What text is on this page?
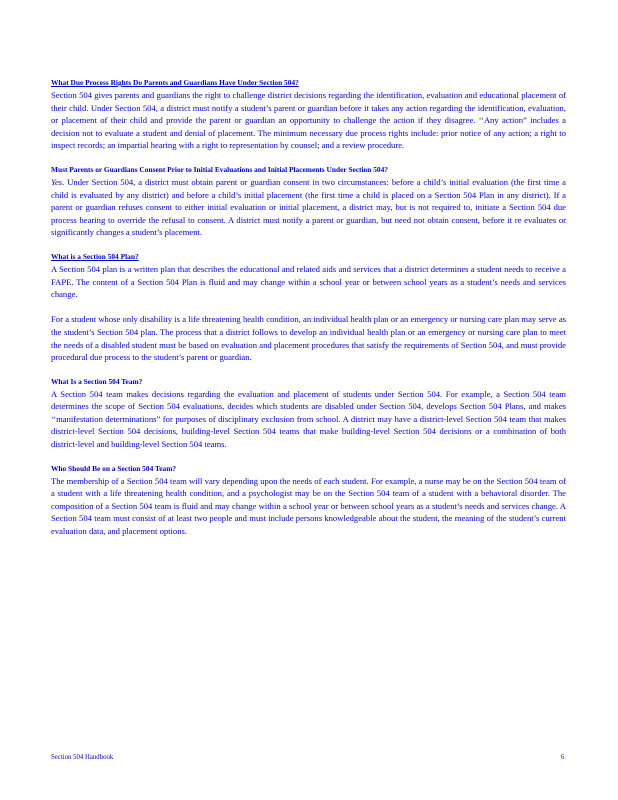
What Due Process Rights Do Parents and Guardians Have Under Section 504?

Section 504 gives parents and guardians the right to challenge district decisions regarding the identification, evaluation and educational placement of their child. Under Section 504, a district must notify a student’s parent or guardian before it takes any action regarding the identification, evaluation, or placement of their child and provide the parent or guardian an opportunity to challenge the action if they disagree. ‘‘Any action” includes a decision not to evaluate a student and denial of placement. The minimum necessary due process rights include: prior notice of any action; a right to inspect records; an impartial hearing with a right to representation by counsel; and a review procedure.

Must Parents or Guardians Consent Prior to Initial Evaluations and Initial Placements Under Section 504?

Yes. Under Section 504, a district must obtain parent or guardian consent in two circumstances: before a child’s initial evaluation (the first time a child is evaluated by any district) and before a child’s initial placement (the first time a child is placed on a Section 504 Plan in any district). If a parent or guardian refuses consent to either initial evaluation or initial placement, a district may, but is not required to, initiate a Section 504 due process hearing to override the refusal to consent. A district must notify a parent or guardian, but need not obtain consent, before it re evaluates or significantly changes a student’s placement.

What is a Section 504 Plan?

A Section 504 plan is a written plan that describes the educational and related aids and services that a district determines a student needs to receive a FAPE. The content of a Section 504 Plan is fluid and may change within a school year or between school years as a student’s needs and services change.

For a student whose only disability is a life threatening health condition, an individual health plan or an emergency or nursing care plan may serve as the student’s Section 504 plan. The process that a district follows to develop an individual health plan or an emergency or nursing care plan to meet the needs of a disabled student must be based on evaluation and placement procedures that satisfy the requirements of Section 504, and must provide procedural due process to the student’s parent or guardian.

What Is a Section 504 Team?

A Section 504 team makes decisions regarding the evaluation and placement of students under Section 504. For example, a Section 504 team determines the scope of Section 504 evaluations, decides which students are disabled under Section 504, develops Section 504 Plans, and makes ‘‘manifestation determinations” for purposes of disciplinary exclusion from school. A district may have a district-level Section 504 team that makes district-level Section 504 decisions, building-level Section 504 teams that make building-level Section 504 decisions or a combination of both district-level and building-level Section 504 teams.

Who Should Be on a Section 504 Team?

The membership of a Section 504 team will vary depending upon the needs of each student. For example, a nurse may be on the Section 504 team of a student with a life threatening health condition, and a psychologist may be on the Section 504 team of a student with a behavioral disorder. The composition of a Section 504 team is fluid and may change within a school year or between school years as a student’s needs and services change. A Section 504 team must consist of at least two people and must include persons knowledgeable about the student, the meaning of the student’s current evaluation data, and placement options.

Section 504 Handbook	6
